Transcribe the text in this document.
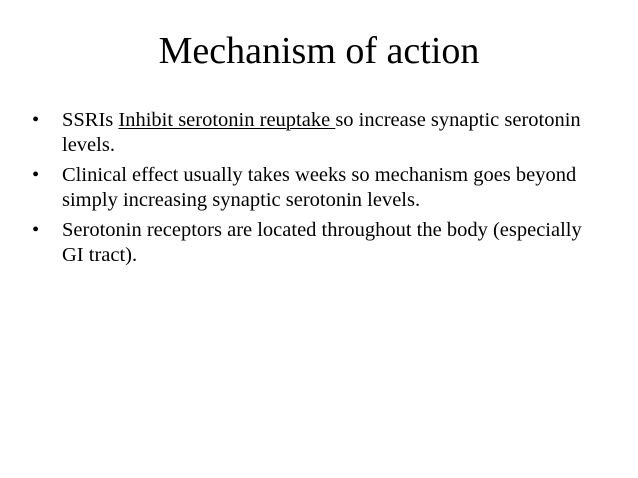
Mechanism of action
•	SSRIs Inhibit serotonin reuptake so increase synaptic serotonin levels.
•	Clinical effect usually takes weeks so mechanism goes beyond simply increasing synaptic serotonin levels.
•	Serotonin receptors are located throughout the body (especially GI tract).
